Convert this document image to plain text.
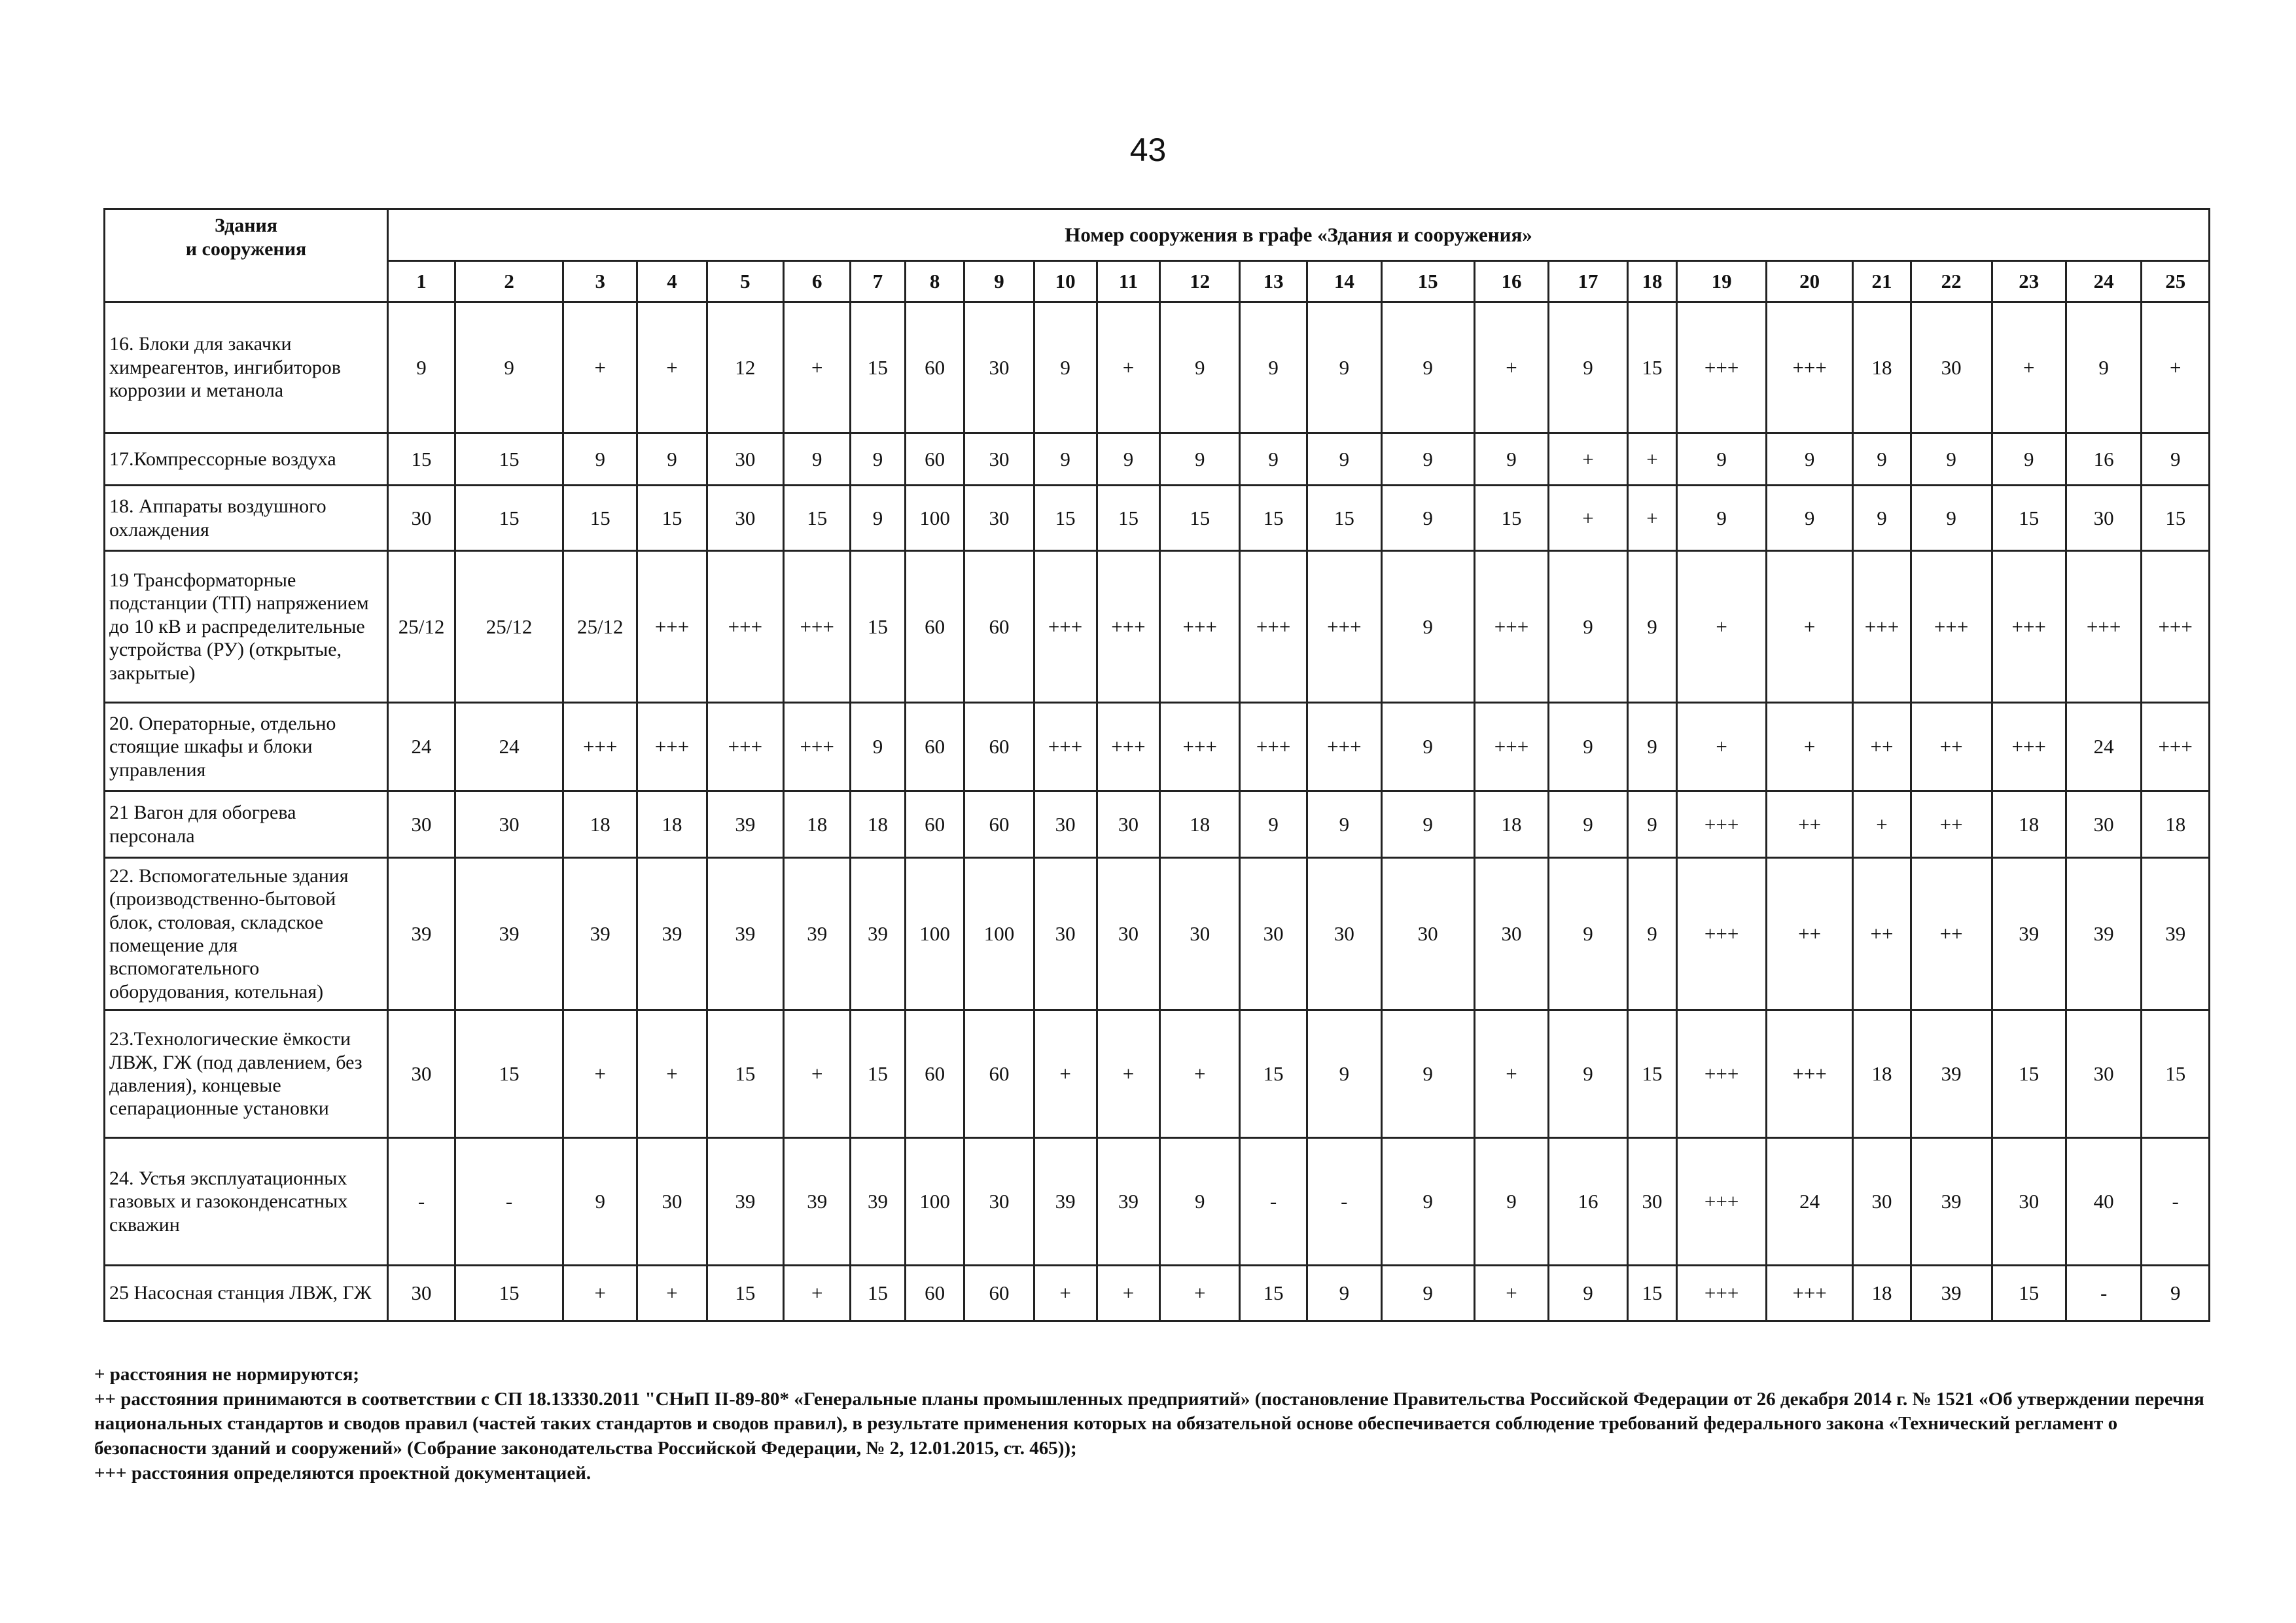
43
Здания
и сооружения	Номер сооружения в графе «Здания и сооружения»																								
	1	2	3	4	5	6	7	8	9	10	11	12	13	14	15	16	17	18	19	20	21	22	23	24	25
16. Блоки для закачки химреагентов, ингибиторов коррозии и метанола	9	9	+	+	12	+	15	60	30	9	+	9	9	9	9	+	9	15	+++	+++	18	30	+	9	+
17.Компрессорные воздуха	15	15	9	9	30	9	9	60	30	9	9	9	9	9	9	9	+	+	9	9	9	9	9	16	9
18. Аппараты воздушного охлаждения	30	15	15	15	30	15	9	100	30	15	15	15	15	15	9	15	+	+	9	9	9	9	15	30	15
19 Трансформаторные подстанции (ТП) напряжением до 10 кВ и распределительные устройства (РУ) (открытые, закрытые)	25/12	25/12	25/12	+++	+++	+++	15	60	60	+++	+++	+++	+++	+++	9	+++	9	9	+	+	+++	+++	+++	+++	+++
20. Операторные, отдельно стоящие шкафы и блоки управления	24	24	+++	+++	+++	+++	9	60	60	+++	+++	+++	+++	+++	9	+++	9	9	+	+	++	++	+++	24	+++
21 Вагон для обогрева персонала	30	30	18	18	39	18	18	60	60	30	30	18	9	9	9	18	9	9	+++	++	+	++	18	30	18
22. Вспомогательные здания (производственно-бытовой блок, столовая, складское помещение для вспомогательного оборудования, котельная)	39	39	39	39	39	39	39	100	100	30	30	30	30	30	30	30	9	9	+++	++	++	++	39	39	39
23.Технологические ёмкости ЛВЖ, ГЖ (под давлением, без давления), концевые сепарационные установки	30	15	+	+	15	+	15	60	60	+	+	+	15	9	9	+	9	15	+++	+++	18	39	15	30	15
24. Устья эксплуатационных газовых и газоконденсатных скважин	-	-	9	30	39	39	39	100	30	39	39	9	-	-	9	9	16	30	+++	24	30	39	30	40	-
25 Насосная станция ЛВЖ, ГЖ	30	15	+	+	15	+	15	60	60	+	+	+	15	9	9	+	9	15	+++	+++	18	39	15	-	9

+ расстояния не нормируются;

++ расстояния принимаются в соответствии с СП 18.13330.2011 "СНиП II-89-80* «Генеральные планы промышленных предприятий» (постановление Правительства Российской Федерации от 26 декабря 2014 г. № 1521 «Об утверждении перечня национальных стандартов и сводов правил (частей таких стандартов и сводов правил), в результате применения которых на обязательной основе обеспечивается соблюдение требований федерального закона «Технический регламент о безопасности зданий и сооружений» (Собрание законодательства Российской Федерации, № 2, 12.01.2015, ст. 465));

+++ расстояния определяются проектной документацией.
